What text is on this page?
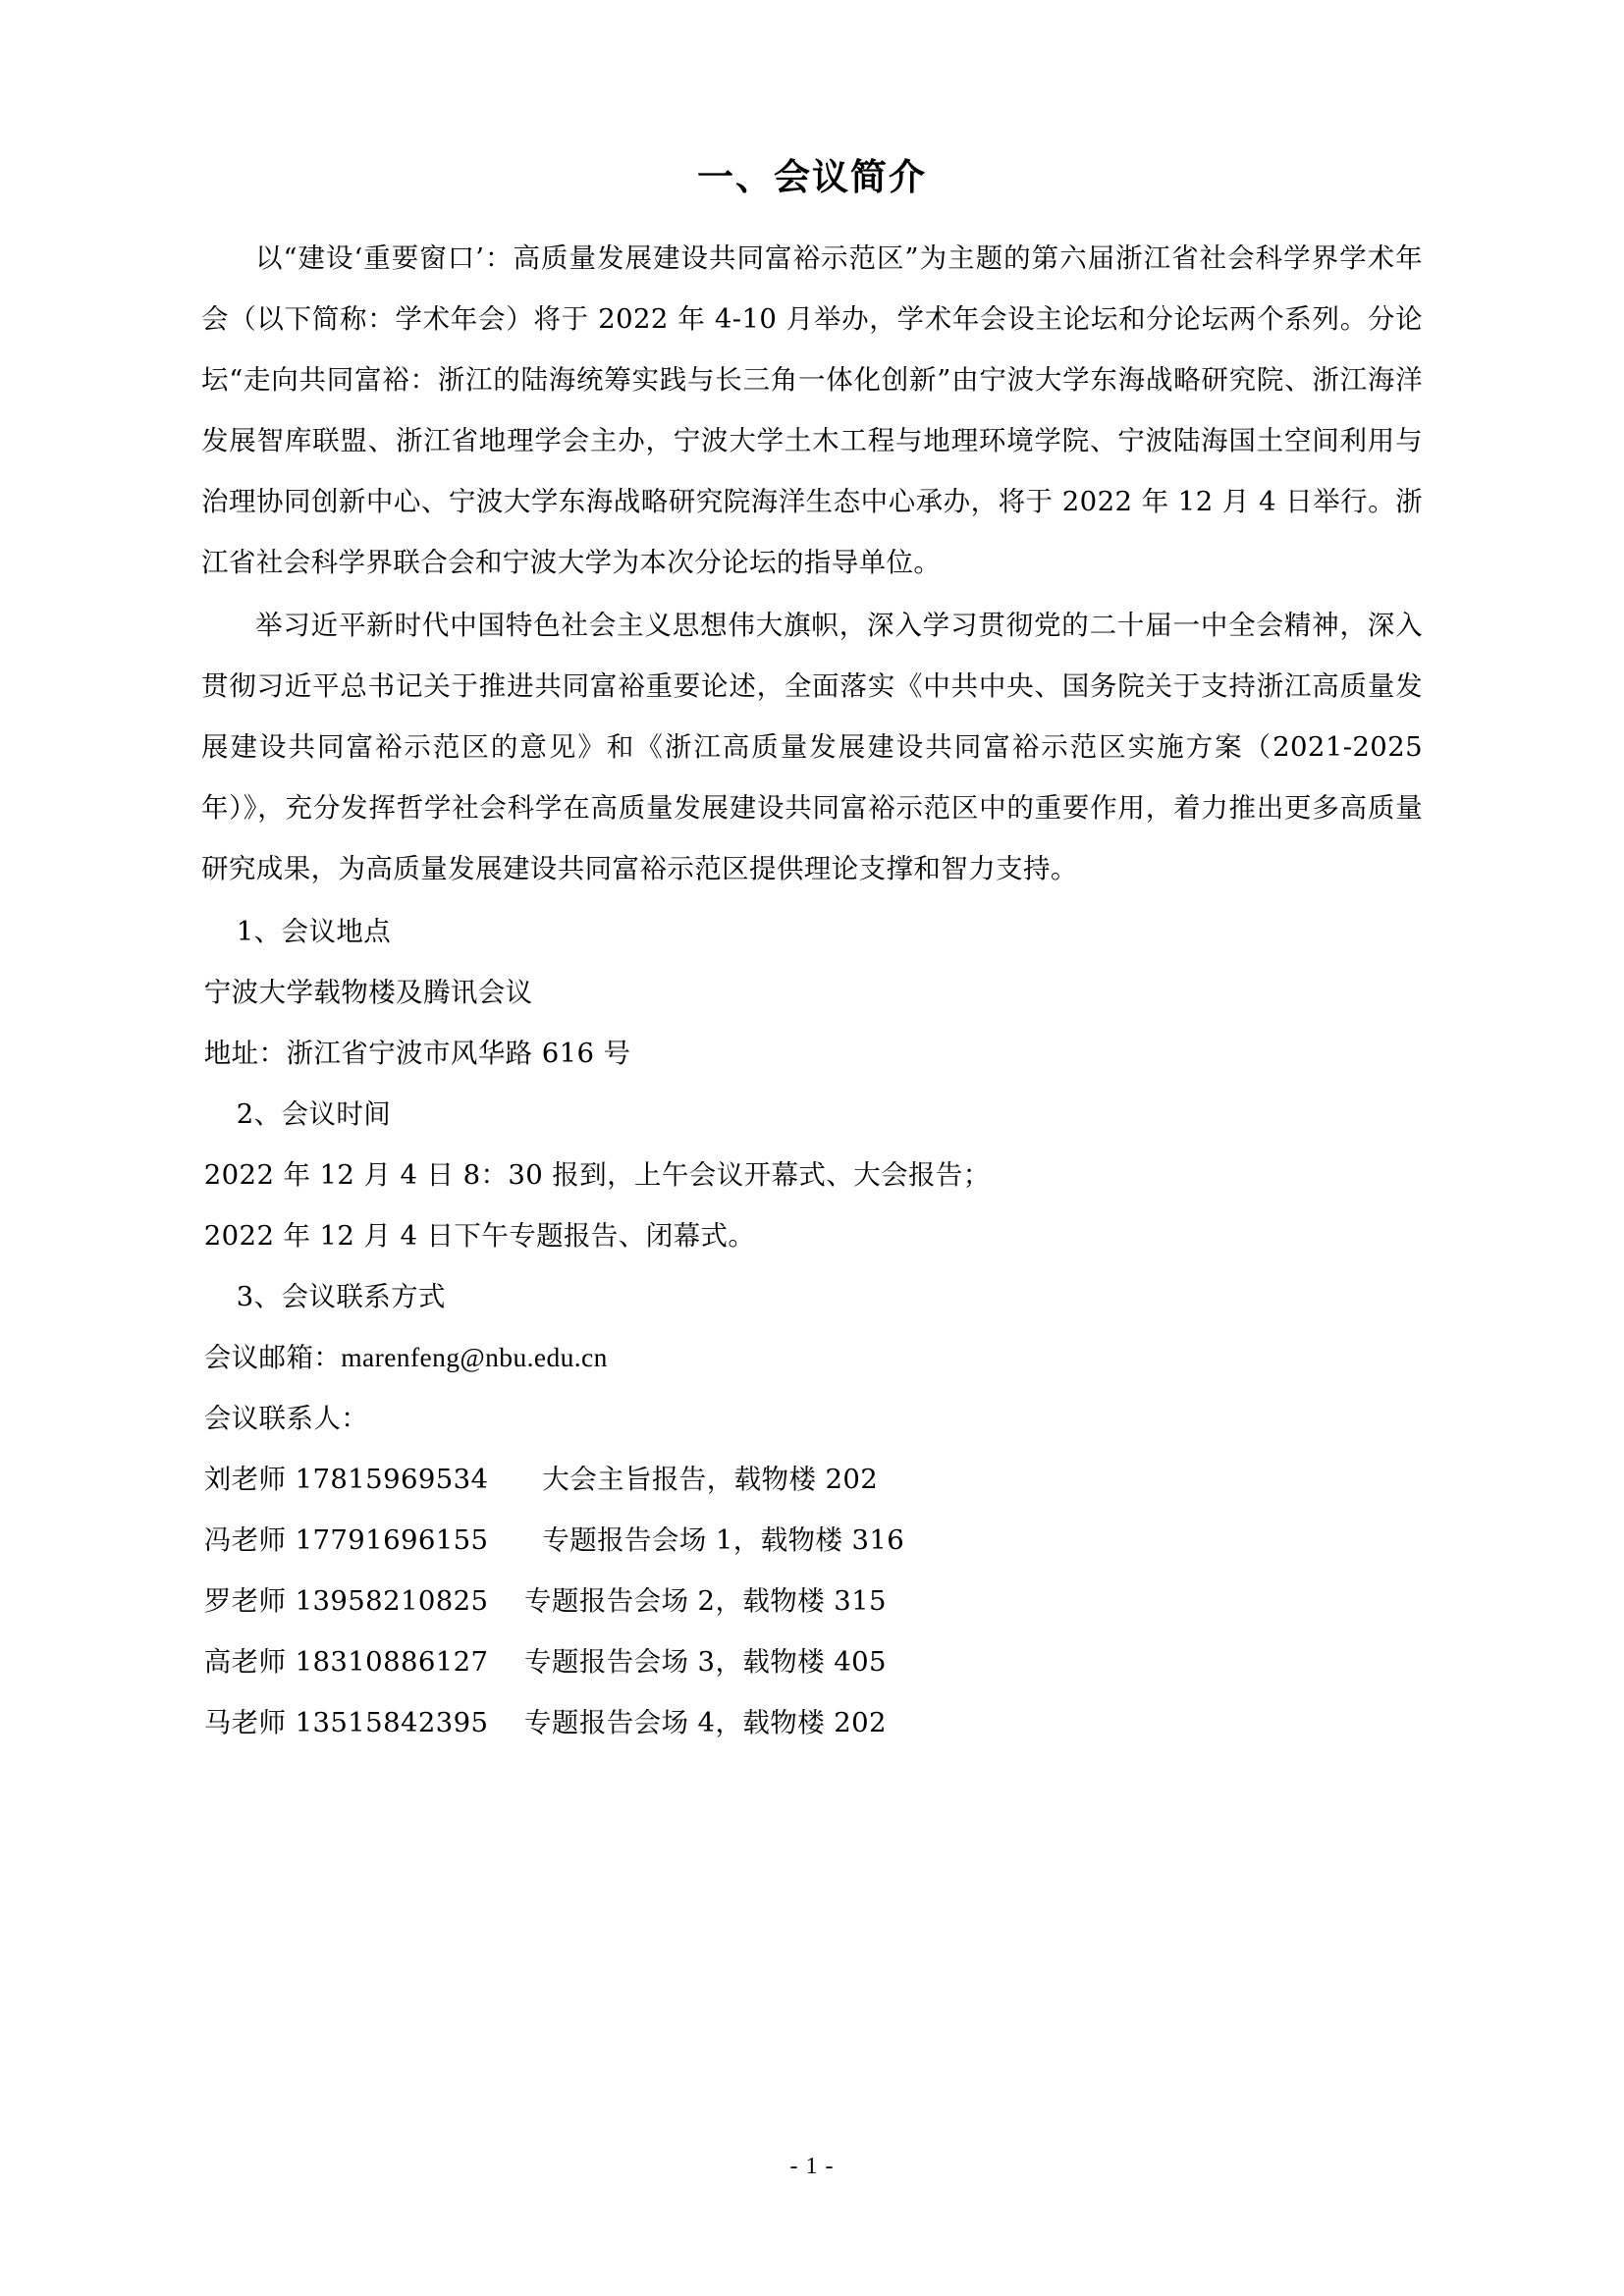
一、会议简介

以“建设‘重要窗口’：高质量发展建设共同富裕示范区”为主题的第六届浙江省社会科学界学术年会（以下简称：学术年会）将于 2022 年 4-10 月举办，学术年会设主论坛和分论坛两个系列。分论坛“走向共同富裕：浙江的陆海统筹实践与长三角一体化创新”由宁波大学东海战略研究院、浙江海洋发展智库联盟、浙江省地理学会主办，宁波大学土木工程与地理环境学院、宁波陆海国土空间利用与治理协同创新中心、宁波大学东海战略研究院海洋生态中心承办，将于 2022 年 12 月 4 日举行。浙江省社会科学界联合会和宁波大学为本次分论坛的指导单位。

举习近平新时代中国特色社会主义思想伟大旗帜，深入学习贯彻党的二十届一中全会精神，深入贯彻习近平总书记关于推进共同富裕重要论述，全面落实《中共中央、国务院关于支持浙江高质量发展建设共同富裕示范区的意见》和《浙江高质量发展建设共同富裕示范区实施方案（2021-2025 年）》，充分发挥哲学社会科学在高质量发展建设共同富裕示范区中的重要作用，着力推出更多高质量研究成果，为高质量发展建设共同富裕示范区提供理论支撑和智力支持。

1、会议地点

宁波大学载物楼及腾讯会议

地址：浙江省宁波市风华路 616 号

2、会议时间

2022 年 12 月 4 日 8：30 报到，上午会议开幕式、大会报告；

2022 年 12 月 4 日下午专题报告、闭幕式。

3、会议联系方式

会议邮箱：marenfeng@nbu.edu.cn

会议联系人：

刘老师 17815969534      大会主旨报告，载物楼 202

冯老师 17791696155      专题报告会场 1，载物楼 316

罗老师 13958210825    专题报告会场 2，载物楼 315

高老师 18310886127    专题报告会场 3，载物楼 405

马老师 13515842395    专题报告会场 4，载物楼 202

- 1 -
